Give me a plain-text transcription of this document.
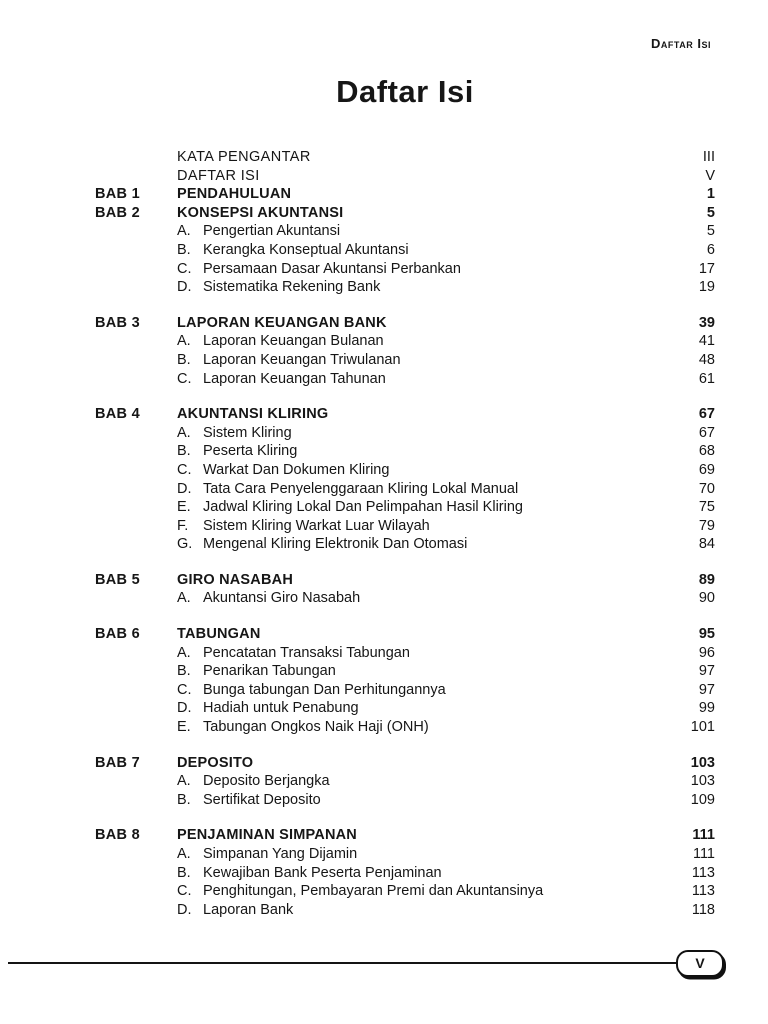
Daftar Isi
Daftar Isi
KATA PENGANTAR	III
DAFTAR ISI	V
BAB 1	PENDAHULUAN	1
BAB 2	KONSEPSI AKUNTANSI	5
A. Pengertian Akuntansi	5
B. Kerangka Konseptual Akuntansi	6
C. Persamaan Dasar Akuntansi Perbankan	17
D. Sistematika Rekening Bank	19
BAB 3	LAPORAN KEUANGAN BANK	39
A. Laporan Keuangan Bulanan	41
B. Laporan Keuangan Triwulanan	48
C. Laporan Keuangan Tahunan	61
BAB 4	AKUNTANSI KLIRING	67
A. Sistem Kliring	67
B. Peserta Kliring	68
C. Warkat Dan Dokumen Kliring	69
D. Tata Cara Penyelenggaraan Kliring Lokal Manual	70
E. Jadwal Kliring Lokal Dan Pelimpahan Hasil Kliring	75
F. Sistem Kliring Warkat Luar Wilayah	79
G. Mengenal Kliring Elektronik Dan Otomasi	84
BAB 5	GIRO NASABAH	89
A. Akuntansi Giro Nasabah	90
BAB 6	TABUNGAN	95
A. Pencatatan Transaksi Tabungan	96
B. Penarikan Tabungan	97
C. Bunga tabungan Dan Perhitungannya	97
D. Hadiah untuk Penabung	99
E. Tabungan Ongkos Naik Haji (ONH)	101
BAB 7	DEPOSITO	103
A. Deposito Berjangka	103
B. Sertifikat Deposito	109
BAB 8	PENJAMINAN SIMPANAN	111
A. Simpanan Yang Dijamin	111
B. Kewajiban Bank Peserta Penjaminan	113
C. Penghitungan, Pembayaran Premi dan Akuntansinya	113
D. Laporan Bank	118
V
